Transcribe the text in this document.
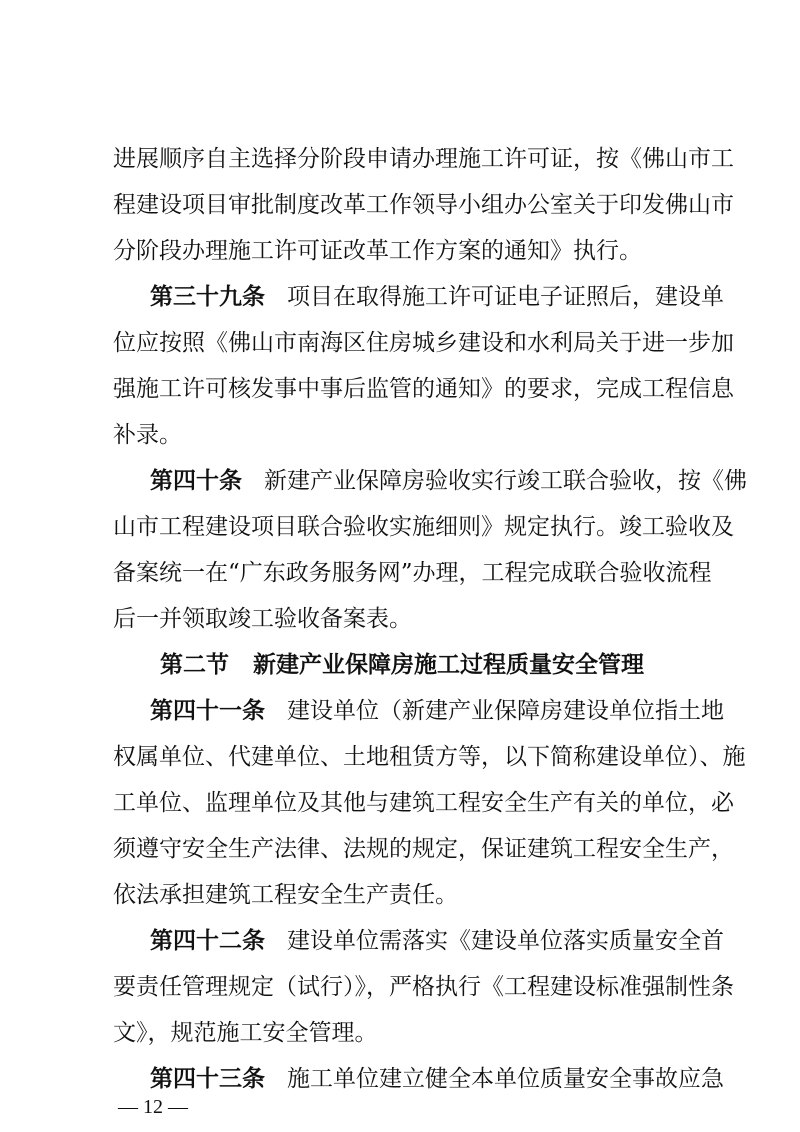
进展顺序自主选择分阶段申请办理施工许可证，按《佛山市工
程建设项目审批制度改革工作领导小组办公室关于印发佛山市
分阶段办理施工许可证改革工作方案的通知》执行。
第三十九条 项目在取得施工许可证电子证照后，建设单
位应按照《佛山市南海区住房城乡建设和水利局关于进一步加
强施工许可核发事中事后监管的通知》的要求，完成工程信息
补录。
第四十条 新建产业保障房验收实行竣工联合验收，按《佛
山市工程建设项目联合验收实施细则》规定执行。竣工验收及
备案统一在“广东政务服务网”办理，工程完成联合验收流程
后一并领取竣工验收备案表。
第二节 新建产业保障房施工过程质量安全管理
第四十一条 建设单位（新建产业保障房建设单位指土地
权属单位、代建单位、土地租赁方等，以下简称建设单位）、施
工单位、监理单位及其他与建筑工程安全生产有关的单位，必
须遵守安全生产法律、法规的规定，保证建筑工程安全生产，
依法承担建筑工程安全生产责任。
第四十二条 建设单位需落实《建设单位落实质量安全首
要责任管理规定（试行）》，严格执行《工程建设标准强制性条
文》，规范施工安全管理。
第四十三条 施工单位建立健全本单位质量安全事故应急
— 12 —
